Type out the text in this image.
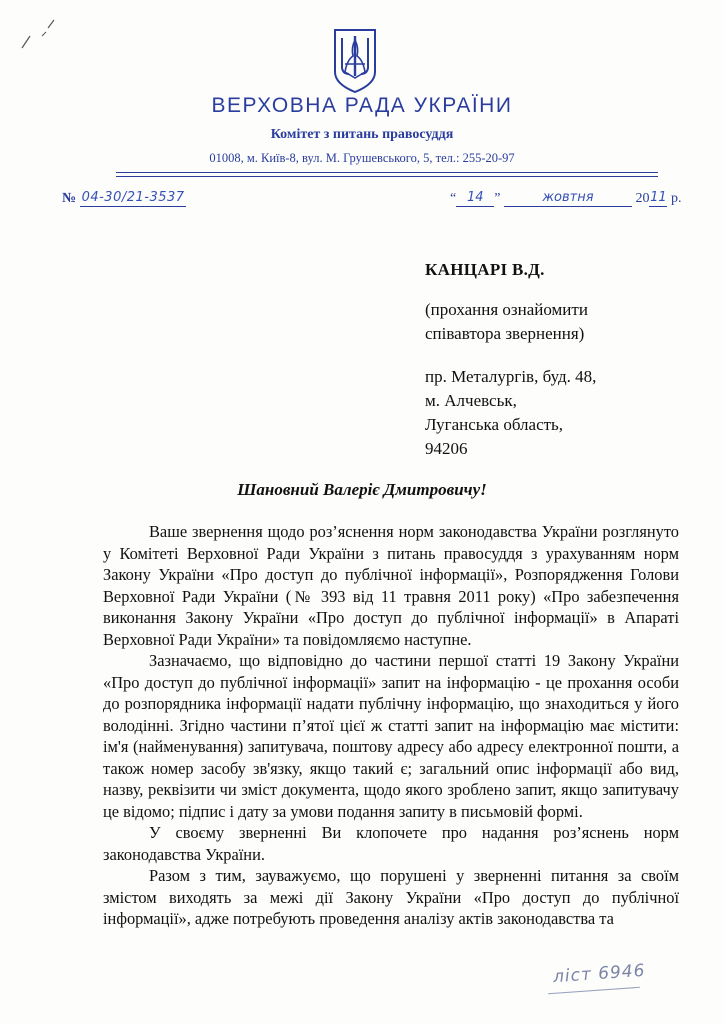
ВЕРХОВНА РАДА УКРАЇНИ
Комітет з питань правосуддя
01008, м. Київ-8, вул. М. Грушевського, 5, тел.: 255-20-97
№ 04-30/21-3537	“ 14 ”	жовтня	2011 р.
КАНЦАРІ В.Д.
(прохання ознайомити
співавтора звернення)
пр. Металургів, буд. 48,
м. Алчевськ,
Луганська область,
94206
Шановний Валеріє Дмитровичу!

Ваше звернення щодо роз’яснення норм законодавства України розглянуто у Комітеті Верховної Ради України з питань правосуддя з урахуванням норм Закону України «Про доступ до публічної інформації», Розпорядження Голови Верховної Ради України (№ 393 від 11 травня 2011 року) «Про забезпечення виконання Закону України «Про доступ до публічної інформації» в Апараті Верховної Ради України» та повідомляємо наступне.

Зазначаємо, що відповідно до частини першої статті 19 Закону України «Про доступ до публічної інформації» запит на інформацію - це прохання особи до розпорядника інформації надати публічну інформацію, що знаходиться у його володінні. Згідно частини п’ятої цієї ж статті запит на інформацію має містити: ім'я (найменування) запитувача, поштову адресу або адресу електронної пошти, а також номер засобу зв'язку, якщо такий є; загальний опис інформації або вид, назву, реквізити чи зміст документа, щодо якого зроблено запит, якщо запитувачу це відомо; підпис і дату за умови подання запиту в письмовій формі.

У своєму зверненні Ви клопочете про надання роз’яснень норм законодавства України.

Разом з тим, зауважуємо, що порушені у зверненні питання за своїм змістом виходять за межі дії Закону України «Про доступ до публічної інформації», адже потребують проведення аналізу актів законодавства та

ліст 6946
